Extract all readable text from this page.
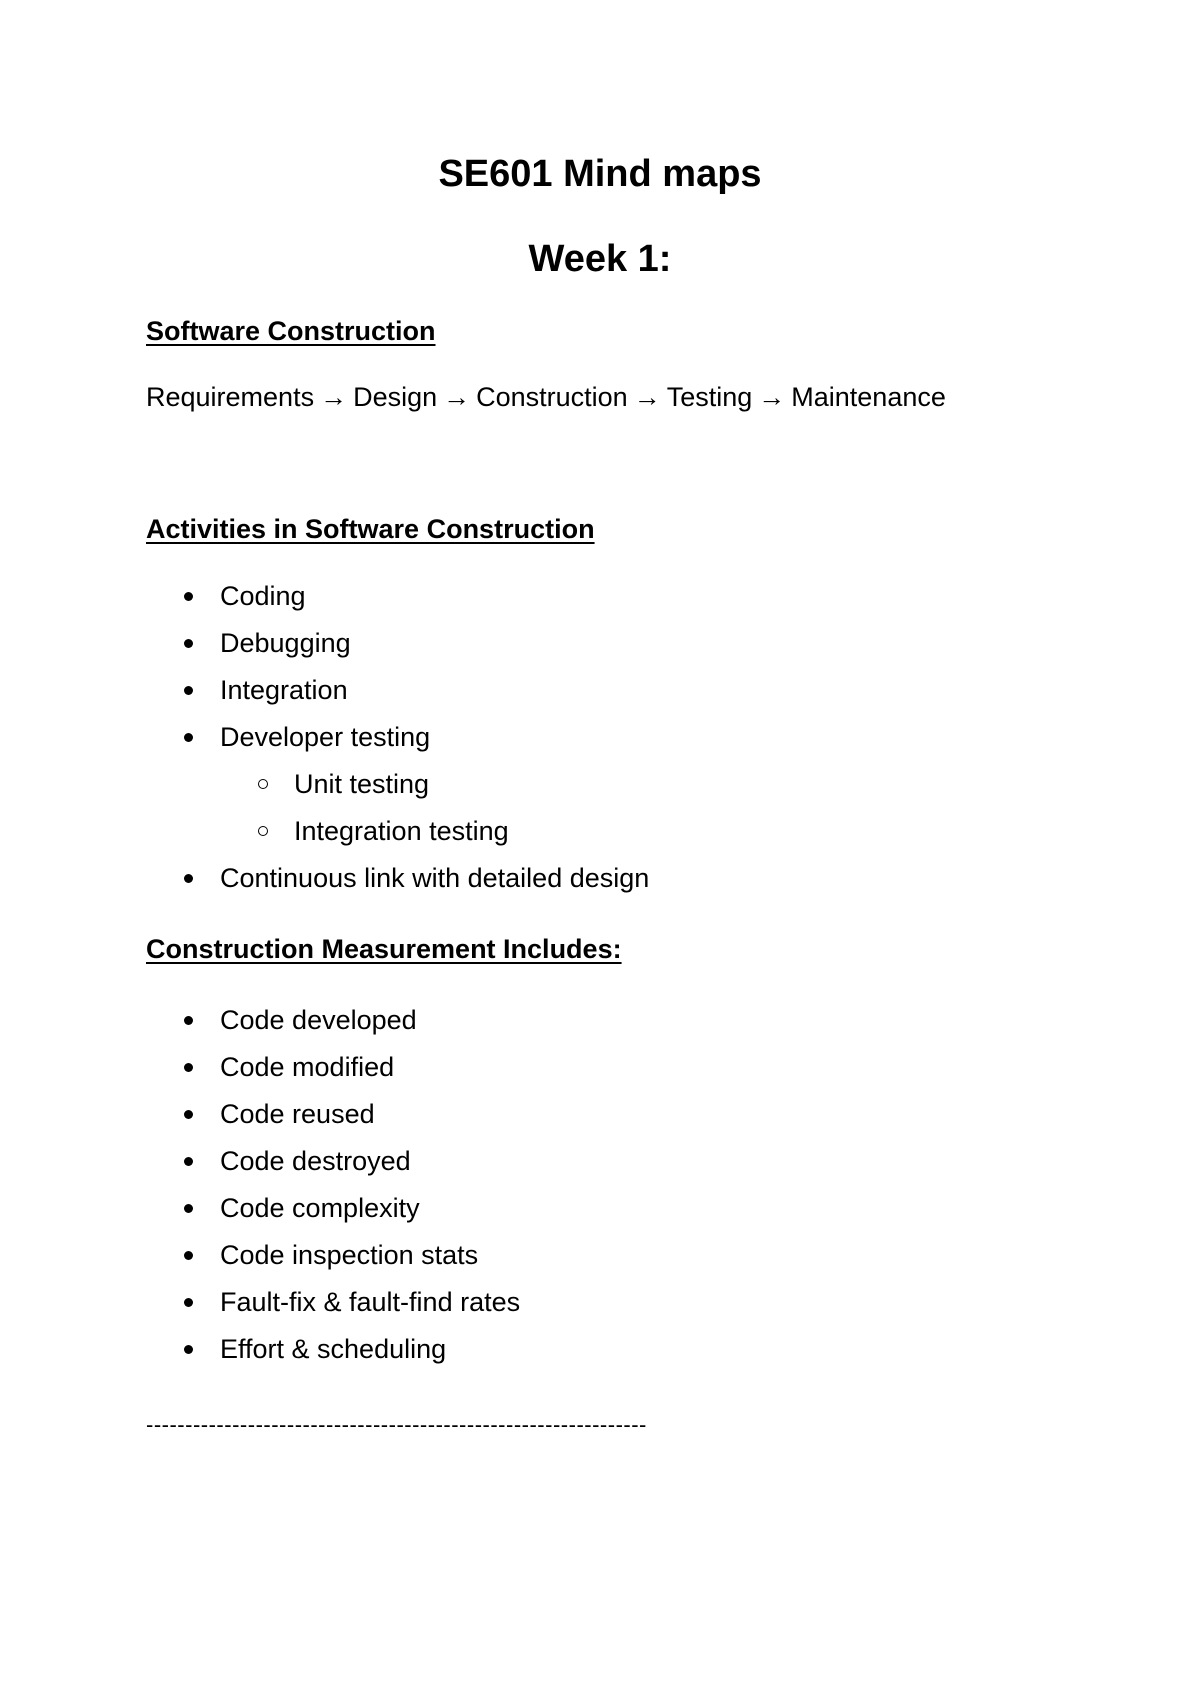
SE601 Mind maps
Week 1:
Software Construction
Requirements → Design → Construction → Testing → Maintenance
Activities in Software Construction
Coding
Debugging
Integration
Developer testing
Unit testing
Integration testing
Continuous link with detailed design
Construction Measurement Includes:
Code developed
Code modified
Code reused
Code destroyed
Code complexity
Code inspection stats
Fault-fix & fault-find rates
Effort & scheduling
----------------------------------------------------------------
